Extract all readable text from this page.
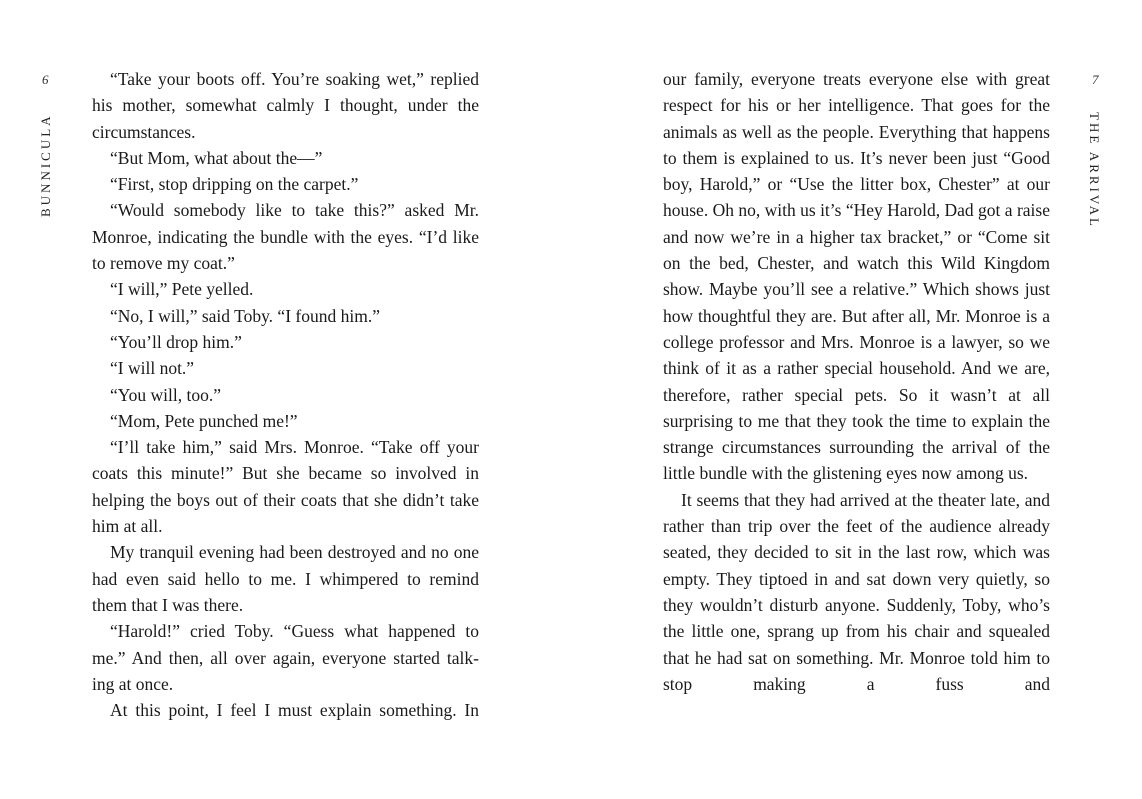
6
BUNNICULA

“Take your boots off. You’re soaking wet,” replied his mother, somewhat calmly I thought, under the circumstances.

“But Mom, what about the—”

“First, stop dripping on the carpet.”

“Would somebody like to take this?” asked Mr. Monroe, indicating the bundle with the eyes. “I’d like to remove my coat.”

“I will,” Pete yelled.

“No, I will,” said Toby. “I found him.”

“You’ll drop him.”

“I will not.”

“You will, too.”

“Mom, Pete punched me!”

“I’ll take him,” said Mrs. Monroe. “Take off your coats this minute!” But she became so involved in helping the boys out of their coats that she didn’t take him at all.

My tranquil evening had been destroyed and no one had even said hello to me. I whimpered to remind them that I was there.

“Harold!” cried Toby. “Guess what happened to me.” And then, all over again, everyone started talk-ing at once.

At this point, I feel I must explain something. In

7
THE ARRIVAL

our family, everyone treats everyone else with great respect for his or her intelligence. That goes for the animals as well as the people. Everything that happens to them is explained to us. It’s never been just “Good boy, Harold,” or “Use the litter box, Chester” at our house. Oh no, with us it’s “Hey Harold, Dad got a raise and now we’re in a higher tax bracket,” or “Come sit on the bed, Chester, and watch this Wild Kingdom show. Maybe you’ll see a relative.” Which shows just how thoughtful they are. But after all, Mr. Monroe is a college professor and Mrs. Monroe is a lawyer, so we think of it as a rather special household. And we are, therefore, rather special pets. So it wasn’t at all surprising to me that they took the time to explain the strange circumstances surrounding the arrival of the little bundle with the glistening eyes now among us.

It seems that they had arrived at the theater late, and rather than trip over the feet of the audience already seated, they decided to sit in the last row, which was empty. They tiptoed in and sat down very quietly, so they wouldn’t disturb anyone. Suddenly, Toby, who’s the little one, sprang up from his chair and squealed that he had sat on something. Mr. Monroe told him to stop making a fuss and
